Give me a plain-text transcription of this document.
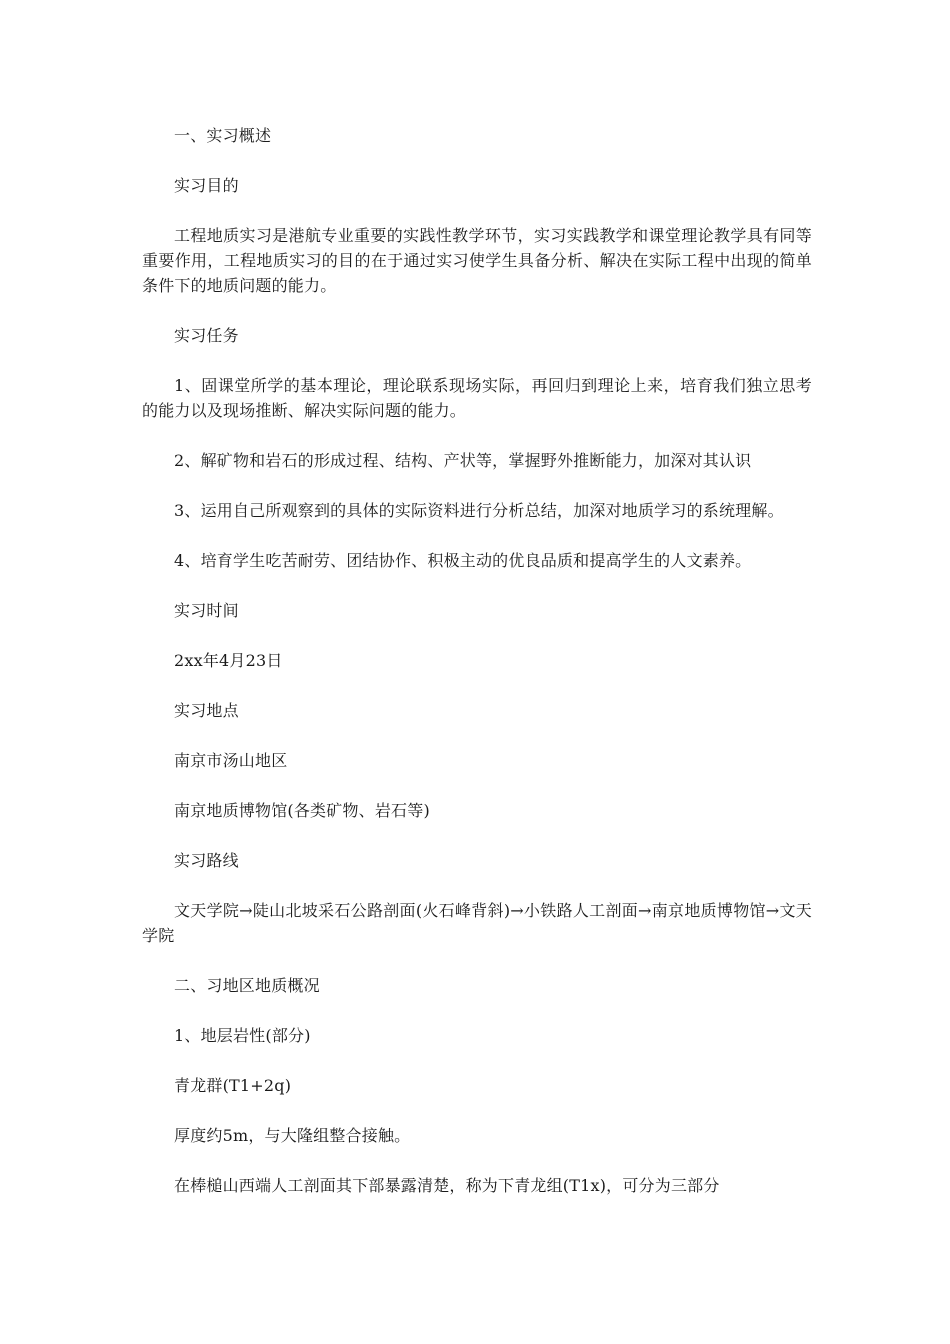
一、实习概述

实习目的

工程地质实习是港航专业重要的实践性教学环节，实习实践教学和课堂理论教学具有同等重要作用，工程地质实习的目的在于通过实习使学生具备分析、解决在实际工程中出现的简单条件下的地质问题的能力。

实习任务

1、固课堂所学的基本理论，理论联系现场实际，再回归到理论上来，培育我们独立思考的能力以及现场推断、解决实际问题的能力。

2、解矿物和岩石的形成过程、结构、产状等，掌握野外推断能力，加深对其认识

3、运用自己所观察到的具体的实际资料进行分析总结，加深对地质学习的系统理解。

4、培育学生吃苦耐劳、团结协作、积极主动的优良品质和提高学生的人文素养。

实习时间

2xx年4月23日

实习地点

南京市汤山地区

南京地质博物馆(各类矿物、岩石等)

实习路线

文天学院→陡山北坡采石公路剖面(火石峰背斜)→小铁路人工剖面→南京地质博物馆→文天学院

二、习地区地质概况

1、地层岩性(部分)

青龙群(T1+2q)

厚度约5m，与大隆组整合接触。

在棒槌山西端人工剖面其下部暴露清楚，称为下青龙组(T1x)，可分为三部分
